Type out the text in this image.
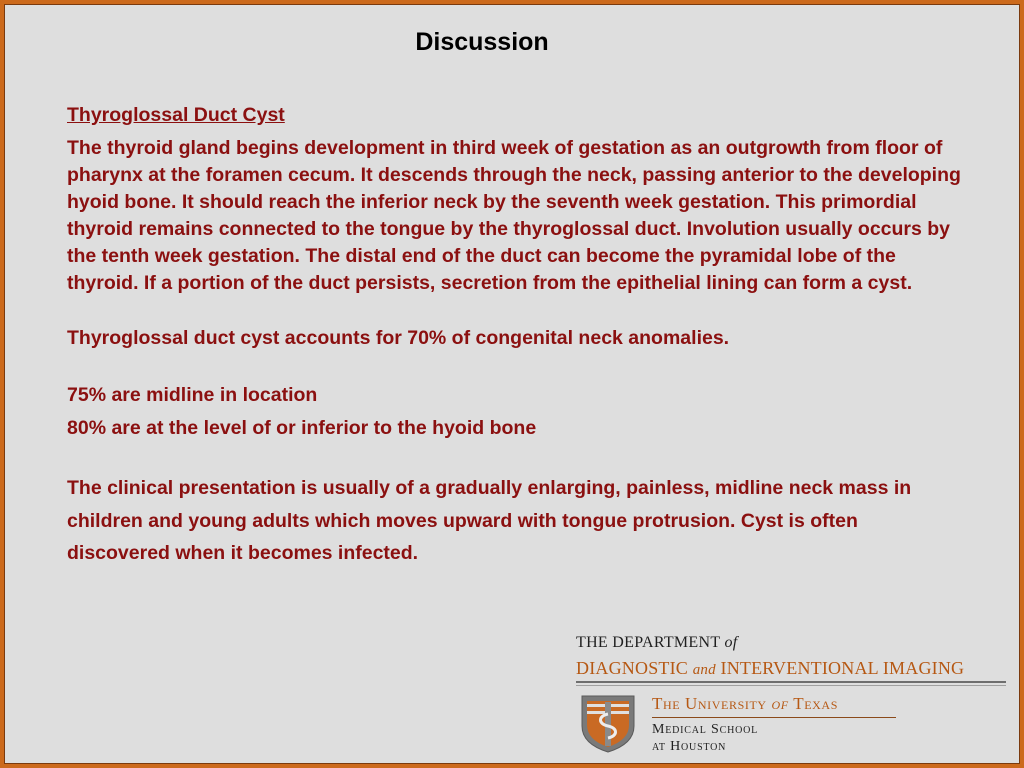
Discussion
Thyroglossal Duct Cyst

The thyroid gland begins development in third week of gestation as an outgrowth from floor of pharynx at the foramen cecum. It descends through the neck, passing anterior to the developing hyoid bone. It should reach the inferior neck by the seventh week gestation. This primordial thyroid remains connected to the tongue by the thyroglossal duct. Involution usually occurs by the tenth week gestation. The distal end of the duct can become the pyramidal lobe of the thyroid. If a portion of the duct persists, secretion from the epithelial lining can form a cyst.

Thyroglossal duct cyst accounts for 70% of congenital neck anomalies.

75% are midline in location

80% are at the level of or inferior to the hyoid bone

The clinical presentation is usually of a gradually enlarging, painless, midline neck mass in children and young adults which moves upward with tongue protrusion. Cyst is often discovered when it becomes infected.

THE DEPARTMENT of
DIAGNOSTIC and INTERVENTIONAL IMAGING
The University of Texas
Medical School
at Houston
